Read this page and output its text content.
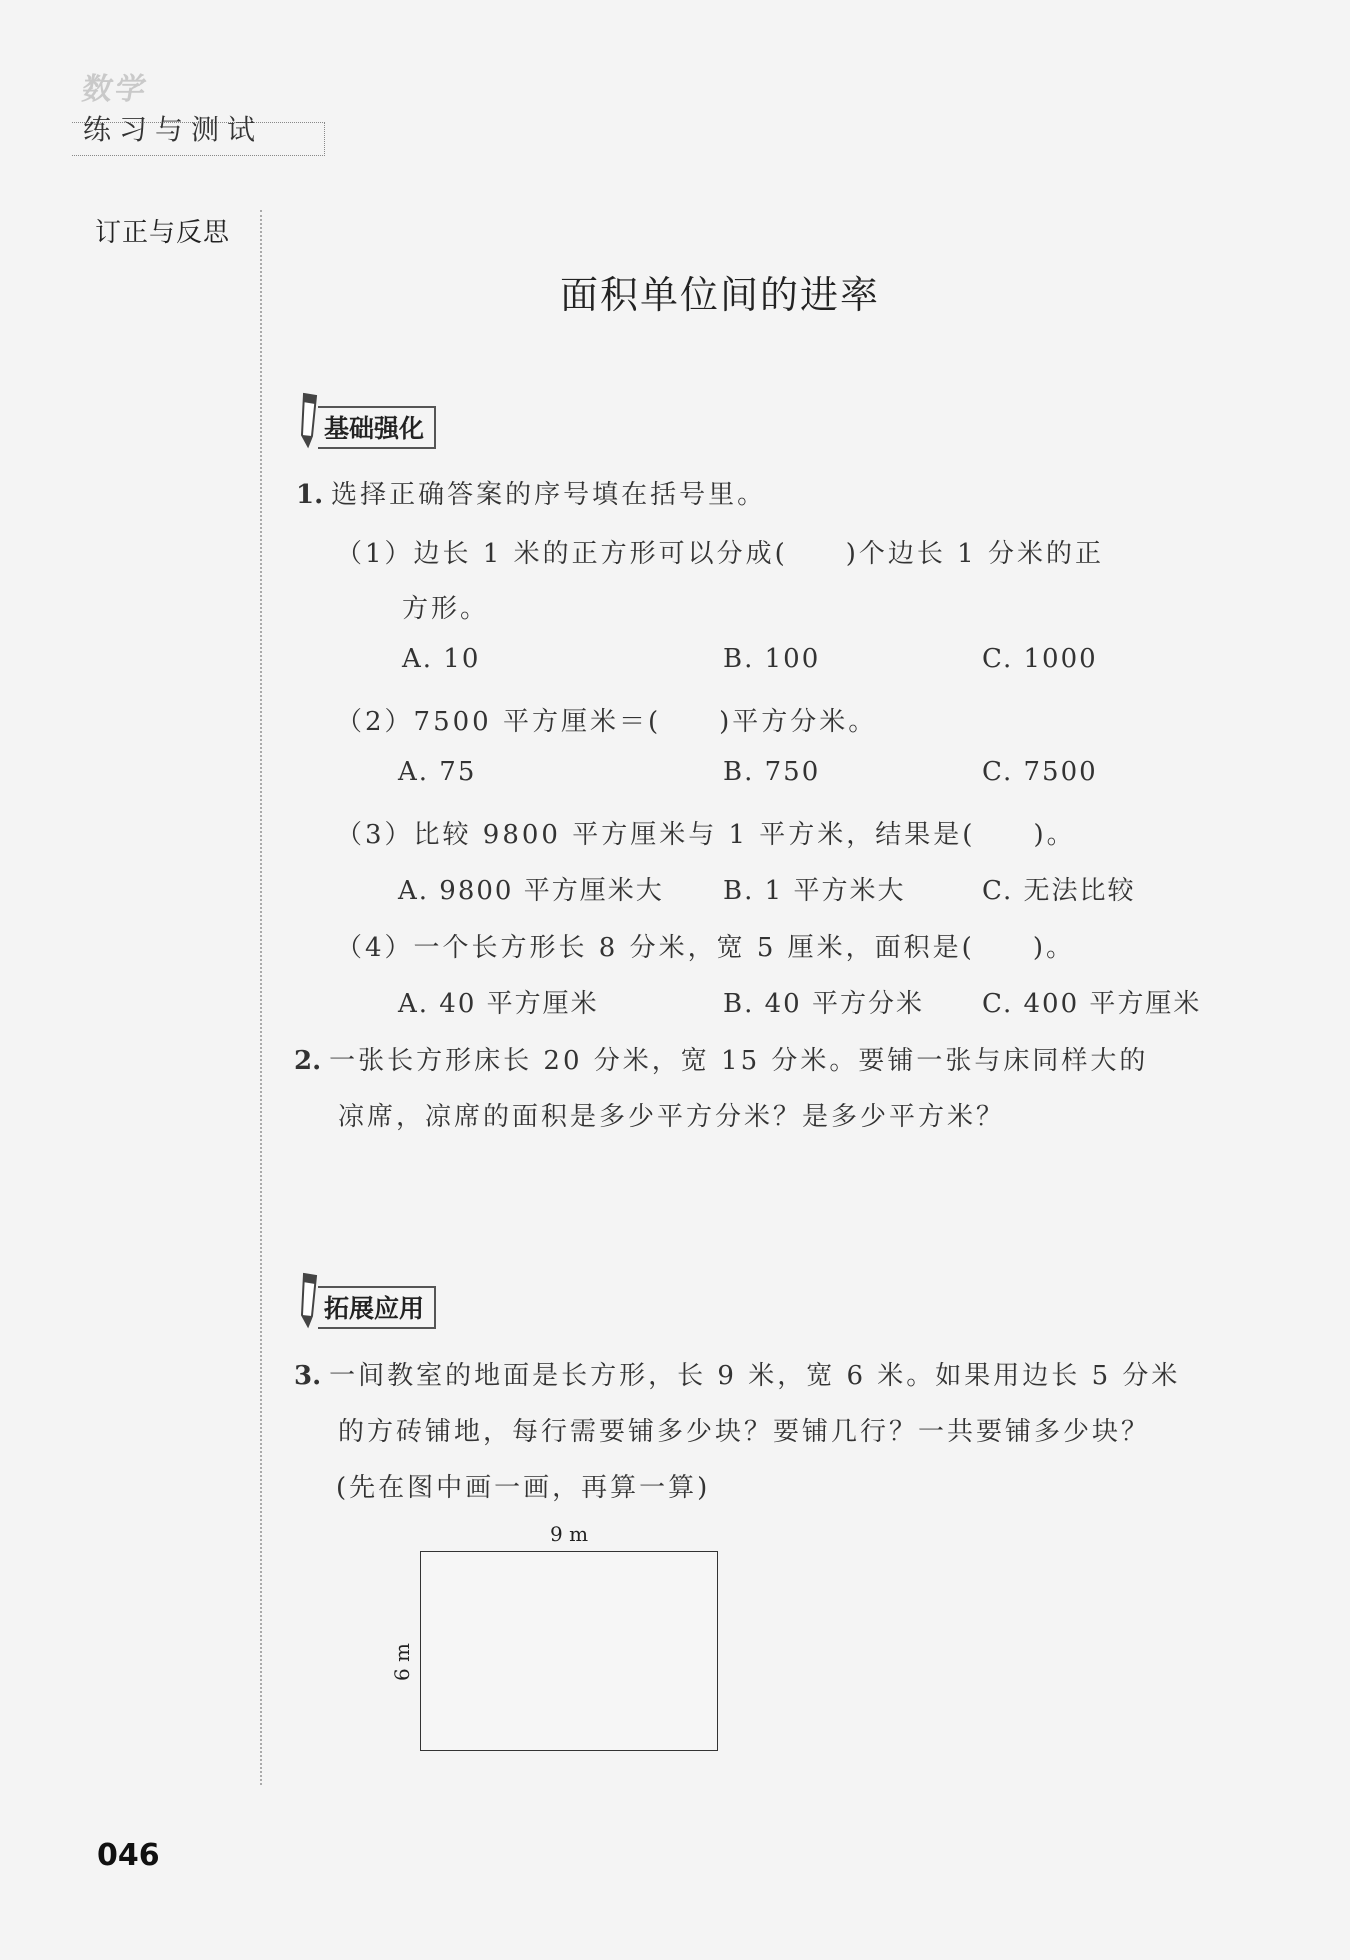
数学
练习与测试
订正与反思
面积单位间的进率
基础强化
1. 选择正确答案的序号填在括号里。
（1）边长 1 米的正方形可以分成(　　)个边长 1 分米的正
方形。
A. 10	B. 100	C. 1000
（2）7500 平方厘米＝(　　)平方分米。
A. 75	B. 750	C. 7500
（3）比较 9800 平方厘米与 1 平方米，结果是(　　)。
A. 9800 平方厘米大 B. 1 平方米大	C. 无法比较
（4）一个长方形长 8 分米，宽 5 厘米，面积是(　　)。
A. 40 平方厘米	B. 40 平方分米 C. 400 平方厘米
2. 一张长方形床长 20 分米，宽 15 分米。要铺一张与床同样大的
凉席，凉席的面积是多少平方分米？是多少平方米？
拓展应用
3. 一间教室的地面是长方形，长 9 米，宽 6 米。如果用边长 5 分米
的方砖铺地，每行需要铺多少块？要铺几行？一共要铺多少块？
(先在图中画一画，再算一算)
9 m
6 m
046
